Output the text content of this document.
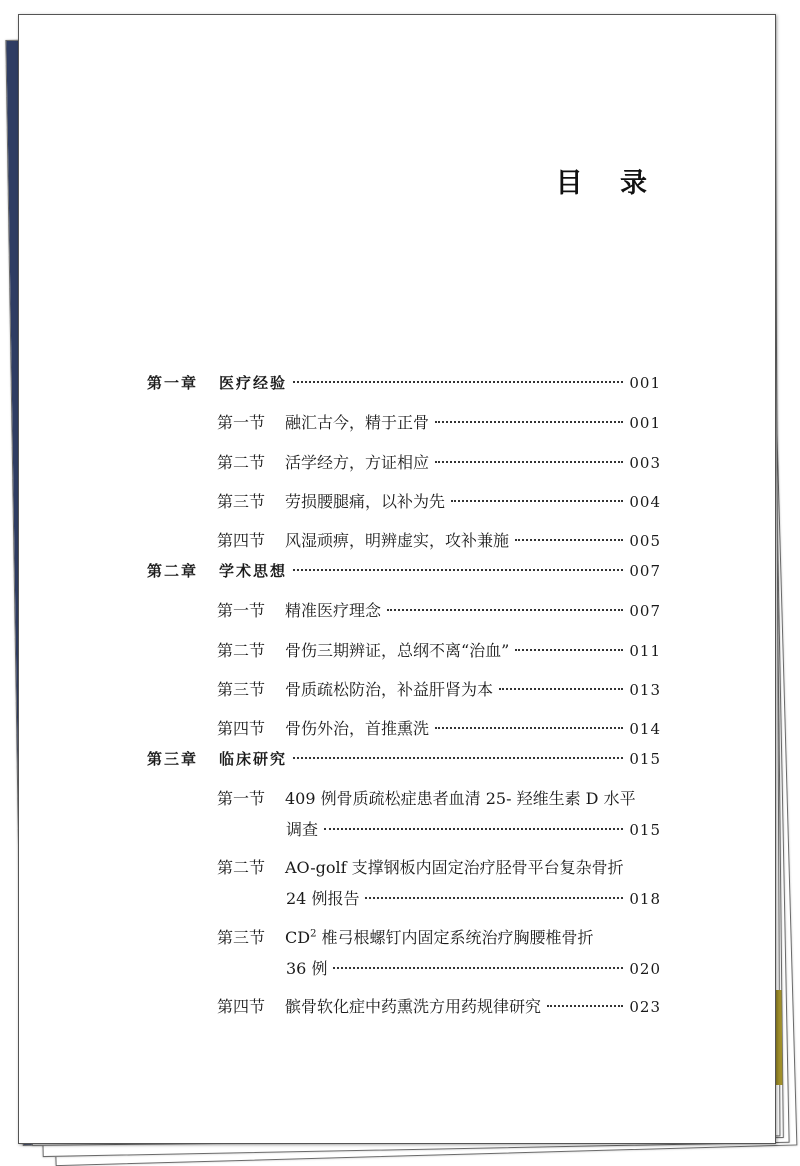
目 录
第一章	医疗经验	001
第一节 融汇古今，精于正骨	001
第二节 活学经方，方证相应	003
第三节 劳损腰腿痛，以补为先	004
第四节 风湿顽痹，明辨虚实，攻补兼施	005
第二章	学术思想	007
第一节 精准医疗理念	007
第二节 骨伤三期辨证，总纲不离“治血”	011
第三节 骨质疏松防治，补益肝肾为本	013
第四节 骨伤外治，首推熏洗	014
第三章	临床研究	015
第一节 409 例骨质疏松症患者血清 25- 羟维生素 D 水平
调查	015
第二节 AO-golf 支撑钢板内固定治疗胫骨平台复杂骨折
24 例报告	018
第三节 $CD^2$ 椎弓根螺钉内固定系统治疗胸腰椎骨折
36 例	020
第四节 髌骨软化症中药熏洗方用药规律研究	023
